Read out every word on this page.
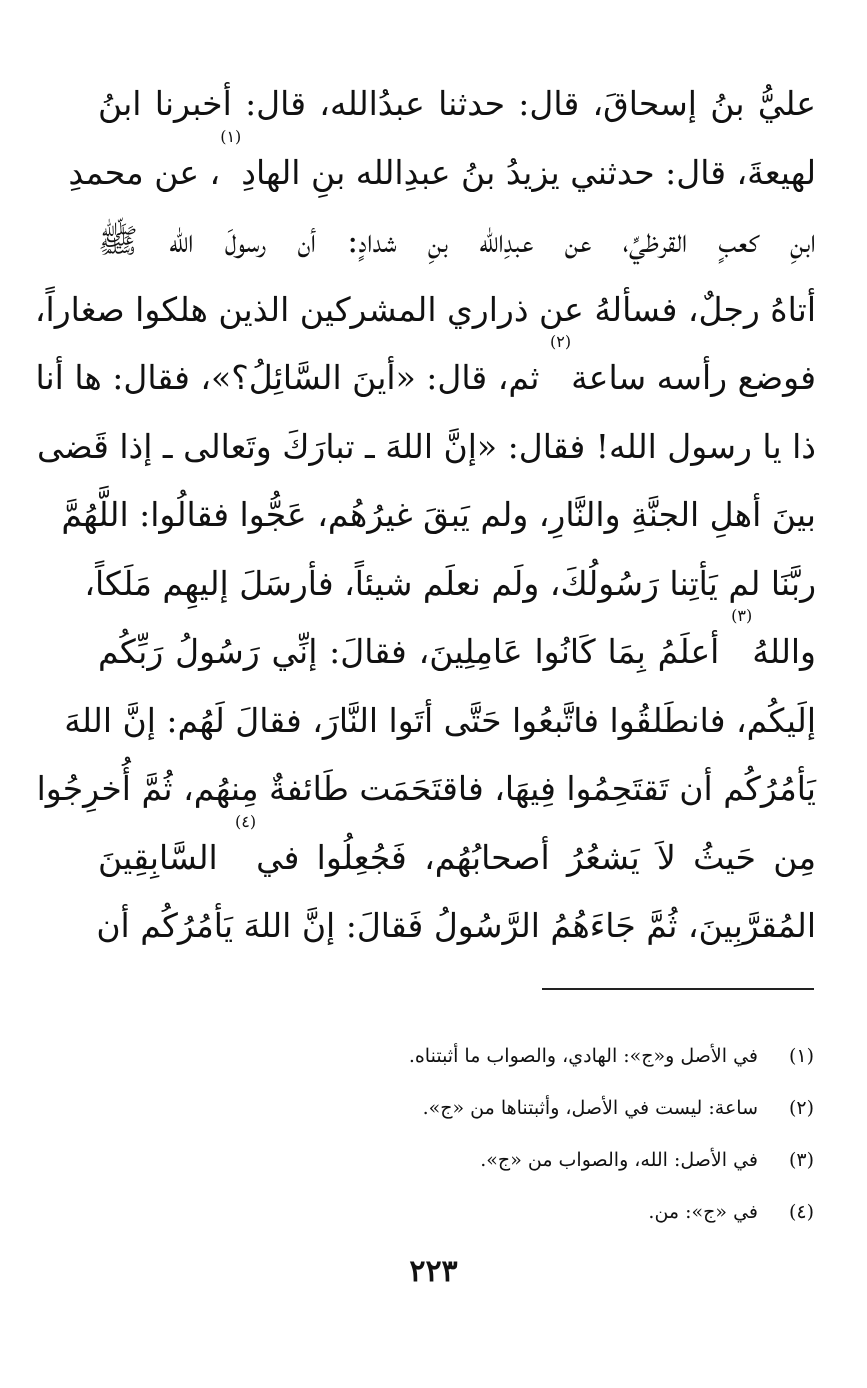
عليُّ بنُ إسحاقَ، قال: حدثنا عبدُالله، قال: أخبرنا ابنُ
لهيعةَ، قال: حدثني يزيدُ بنُ عبدِالله بنِ الهادِ$^{(١)}$، عن محمدِ
ابنِ كعبٍ القرظيِّ، عن عبدِالله بنِ شدادٍ: أن رسولَ الله ﷺ
أتاهُ رجلٌ، فسألهُ عن ذراري المشركين الذين هلكوا صغاراً،
فوضع رأسه ساعة$^{(٢)}$ ثم، قال: «أينَ السَّائِلُ؟»، فقال: ها أنا
ذا يا رسول الله! فقال: «إنَّ اللهَ ـ تبارَكَ وتَعالى ـ إذا قَضى
بينَ أهلِ الجنَّةِ والنَّارِ، ولم يَبقَ غيرُهُم، عَجُّوا فقالُوا: اللَّهُمَّ
ربَّنَا لم يَأتِنا رَسُولُكَ، ولَم نعلَم شيئاً، فأرسَلَ إليهِم مَلَكاً،
واللهُ$^{(٣)}$ أعلَمُ بِمَا كَانُوا عَامِلِينَ، فقالَ: إنِّي رَسُولُ رَبِّكُم
إلَيكُم، فانطَلقُوا فاتَّبعُوا حَتَّى أتَوا النَّارَ، فقالَ لَهُم: إنَّ اللهَ
يَأمُرُكُم أن تَقتَحِمُوا فِيهَا، فاقتَحَمَت طَائفةٌ مِنهُم، ثُمَّ أُخرِجُوا
مِن حَيثُ لاَ يَشعُرُ أصحابُهُم، فَجُعِلُوا في$^{(٤)}$ السَّابِقِينَ
المُقرَّبِينَ، ثُمَّ جَاءَهُمُ الرَّسُولُ فَقالَ: إنَّ اللهَ يَأمُرُكُم أن
(١)في الأصل و«ج»: الهادي، والصواب ما أثبتناه.
(٢)ساعة: ليست في الأصل، وأثبتناها من «ج».
(٣)في الأصل: الله، والصواب من «ج».
(٤)في «ج»: من.
٢٢٣
